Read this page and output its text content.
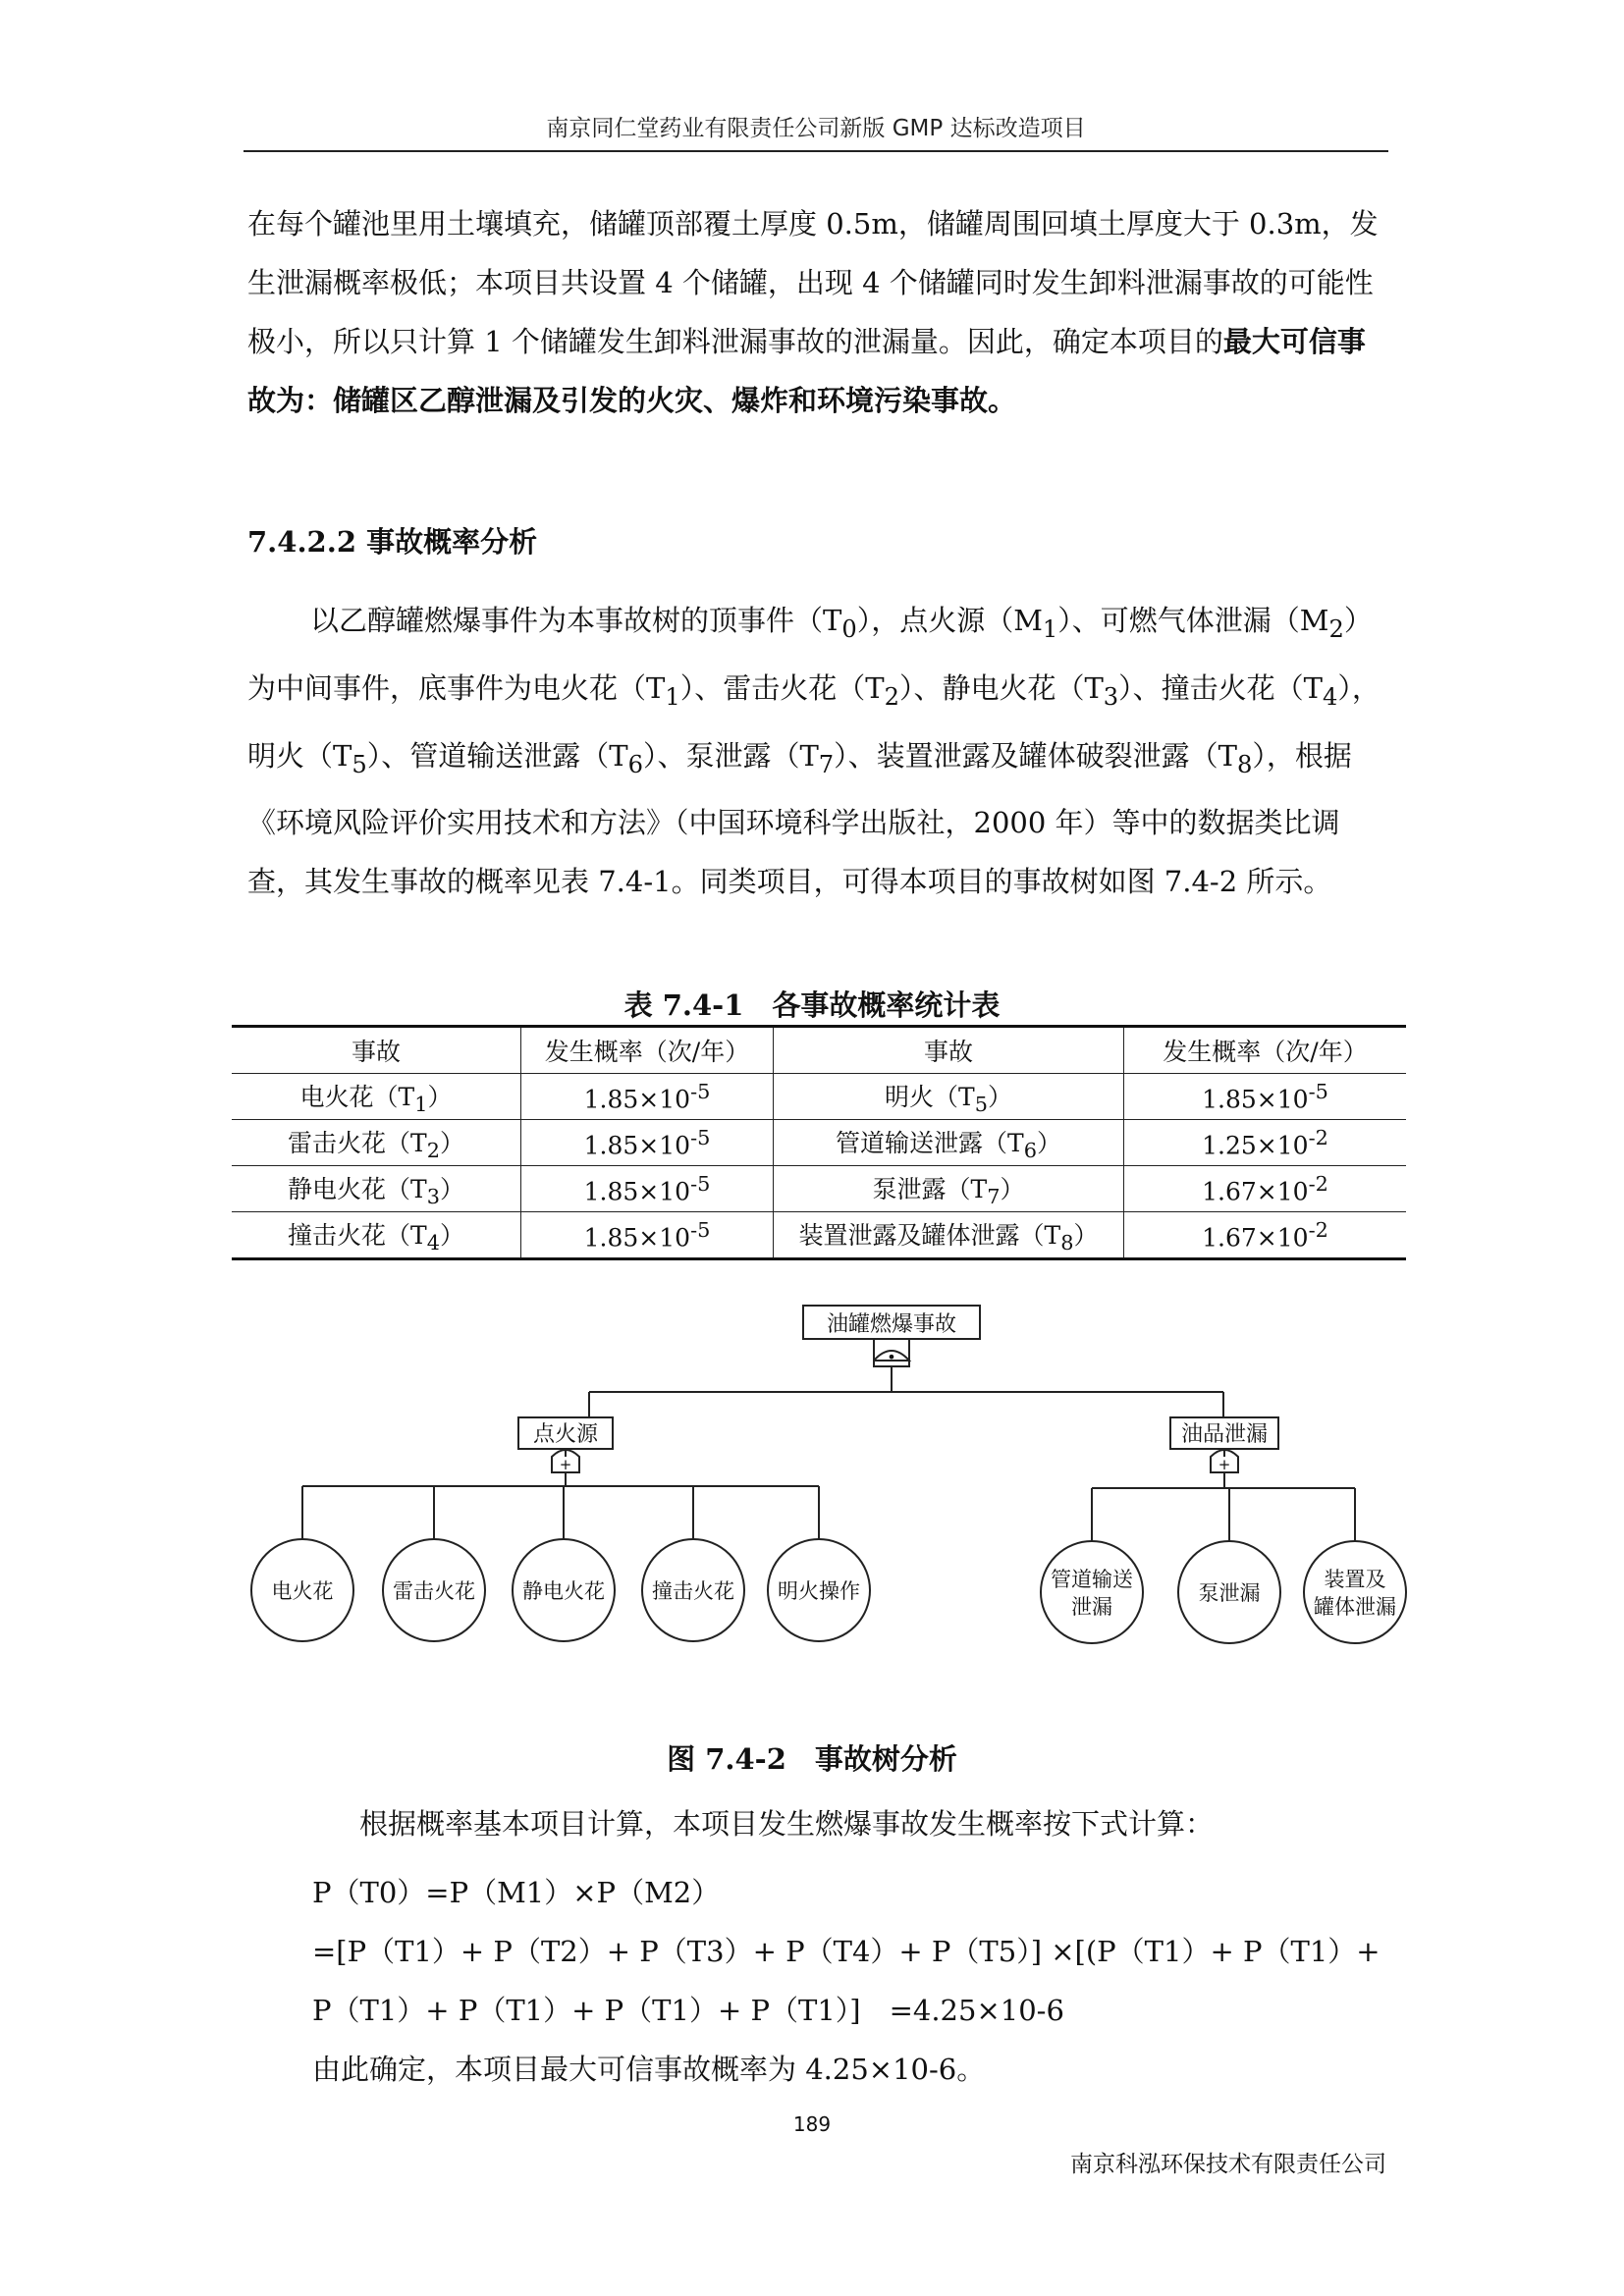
南京同仁堂药业有限责任公司新版 GMP 达标改造项目

在每个罐池里用土壤填充，储罐顶部覆土厚度 0.5m，储罐周围回填土厚度大于 0.3m，发生泄漏概率极低；本项目共设置 4 个储罐，出现 4 个储罐同时发生卸料泄漏事故的可能性极小，所以只计算 1 个储罐发生卸料泄漏事故的泄漏量。因此，确定本项目的最大可信事故为：储罐区乙醇泄漏及引发的火灾、爆炸和环境污染事故。

7.4.2.2 事故概率分析

以乙醇罐燃爆事件为本事故树的顶事件$(T_0)$，点火源$(M_1)$、可燃气体泄漏$(M_2)$为中间事件，底事件为电火花$(T_1)$、雷击火花$(T_2)$、静电火花$(T_3)$、撞击火花$(T_4)$，明火$(T_5)$、管道输送泄露$(T_6)$、泵泄露$(T_7)$、装置泄露及罐体破裂泄露$(T_8)$，根据《环境风险评价实用技术和方法》（中国环境科学出版社，2000 年）等中的数据类比调查，其发生事故的概率见表 7.4-1。同类项目，可得本项目的事故树如图 7.4-2 所示。

表 7.4-1　各事故概率统计表
事故	发生概率（次/年）	事故	发生概率（次/年）
电火花$(T_1)$	$1.85\times 10^{-5}$	明火$(T_5)$	$1.85\times 10^{-5}$
雷击火花$(T_2)$	$1.85\times 10^{-5}$	管道输送泄露$(T_6)$	$1.25\times 10^{-2}$
静电火花$(T_3)$	$1.85\times 10^{-5}$	泵泄露$(T_7)$	$1.67\times 10^{-2}$
撞击火花$(T_4)$	$1.85\times 10^{-5}$	装置泄露及罐体泄露$(T_8)$	$1.67\times 10^{-2}$
油罐燃爆事故
•
点火源
+
电火花	雷击火花 静电火花 撞击火花 明火操作
油品泄漏
+
管道输送
泄漏
泵泄漏
装置及
罐体泄漏
图 7.4-2　事故树分析

根据概率基本项目计算，本项目发生燃爆事故发生概率按下式计算：

P（T0）=P（M1）×P（M2）
=[P（T1）+ P（T2）+ P（T3）+ P（T4）+ P（T5）] ×[(P（T1）+ P（T1）+
P（T1）+ P（T1）+ P（T1）+ P（T1）]　=4.25×10-6
由此确定，本项目最大可信事故概率为 4.25×10-6。
189
南京科泓环保技术有限责任公司
